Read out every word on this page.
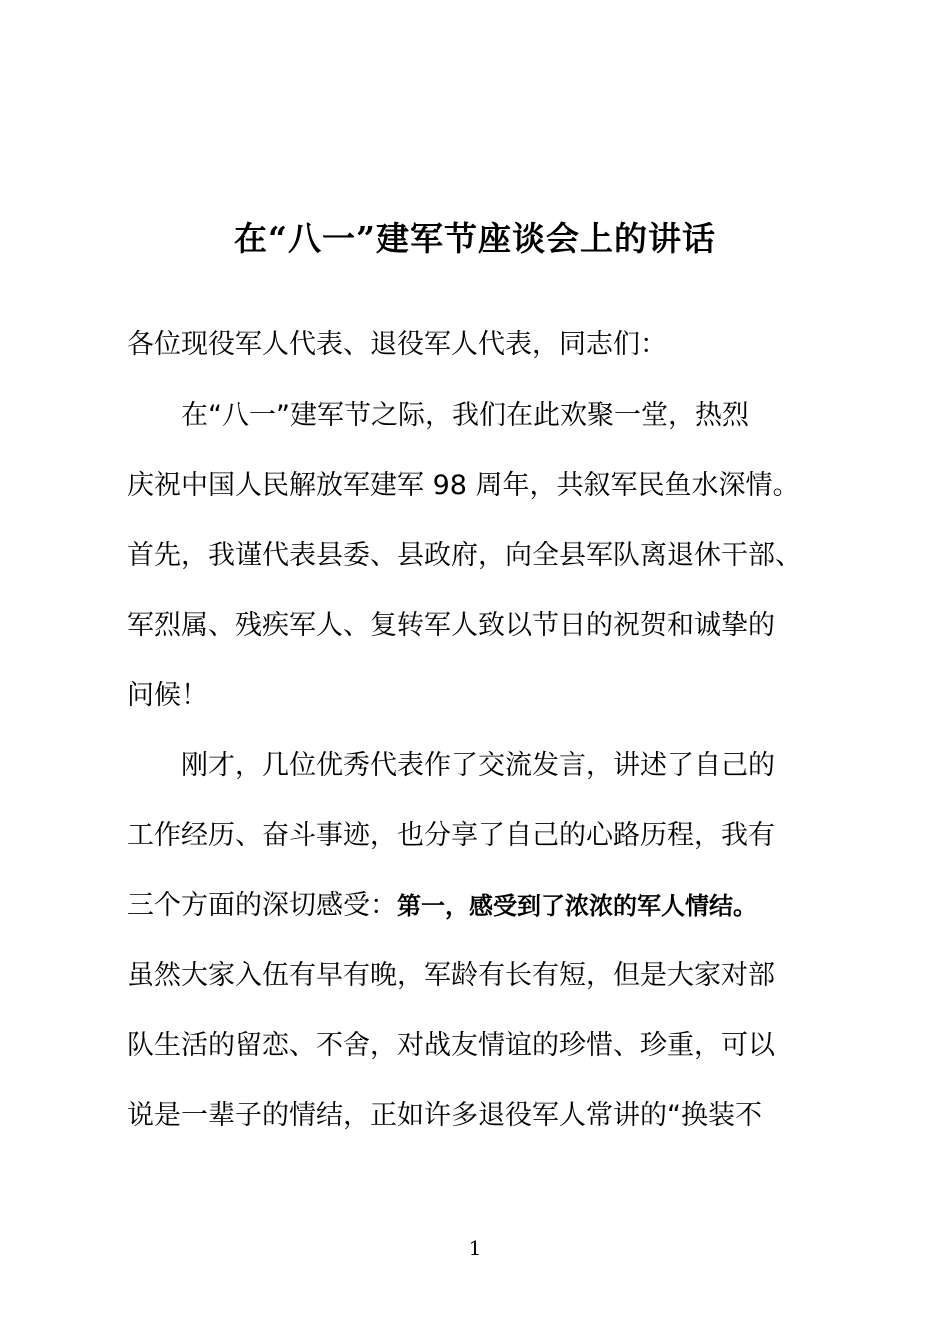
在“八一”建军节座谈会上的讲话
各位现役军人代表、退役军人代表，同志们：
在“八一”建军节之际，我们在此欢聚一堂，热烈
庆祝中国人民解放军建军 98 周年，共叙军民鱼水深情。
首先，我谨代表县委、县政府，向全县军队离退休干部、
军烈属、残疾军人、复转军人致以节日的祝贺和诚挚的
问候！
刚才，几位优秀代表作了交流发言，讲述了自己的
工作经历、奋斗事迹，也分享了自己的心路历程，我有
三个方面的深切感受：第一，感受到了浓浓的军人情结。
虽然大家入伍有早有晚，军龄有长有短，但是大家对部
队生活的留恋、不舍，对战友情谊的珍惜、珍重，可以
说是一辈子的情结，正如许多退役军人常讲的“换装不
1
